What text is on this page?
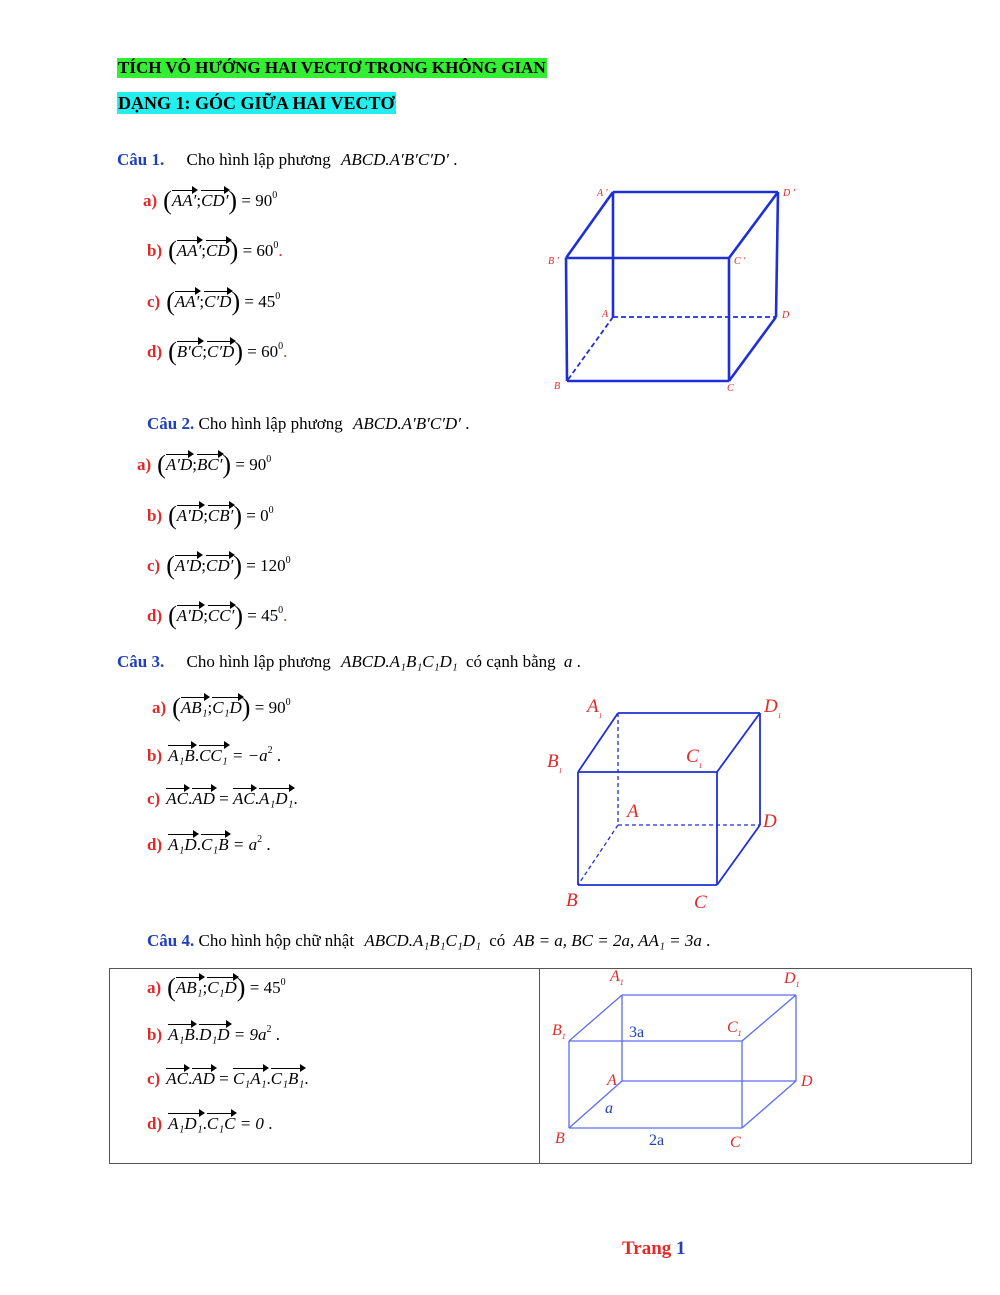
TÍCH VÔ HƯỚNG HAI VECTƠ TRONG KHÔNG GIAN
DẠNG 1: GÓC GIỮA HAI VECTƠ
Câu 1. Cho hình lập phương ABCD.A′B′C′D′ .
a) (AA′;CD′) = $90^0$
b) (AA′;CD) = $60^0$.
c) (AA′;C′D) = $45^0$
d) (B′C;C′D) = $60^0$.
A '	D '
B '	C '
A	D
B	C
Câu 2. Cho hình lập phương ABCD.A′B′C′D′ .
a) (A′D;BC′) = $90^0$
b) (A′D;CB′) = $0^0$
c) (A′D;CD′) = $120^0$
d) (A′D;CC′) = $45^0$.
Câu 3. Cho hình lập phương ABCD.A₁B₁C₁D₁ có cạnh bằng a .
a) (AB₁;C₁D) = $90^0$
b) $A_1B.CC_1 = -a^2$ .
c) AC.AD = AC.A₁D₁.
d) $A_1D.C_1B = a^2$ .
$A_1$	$D_1$
$B_1$
$C_1$
A	D
B	C
Câu 4. Cho hình hộp chữ nhật ABCD.A₁B₁C₁D₁ có AB = a, BC = 2a, AA₁ = 3a .
a) (AB₁;C₁D) = $45^0$
b) $A_1B.D_1D = 9a^2$ .
c) AC.AD = C₁A₁.C₁B₁.
d) A₁D₁.C₁C = 0 .
$A_1$	$D_1$
$B_1$
$C_1$
A	D
B	C
3a
a
2a
Trang 1
